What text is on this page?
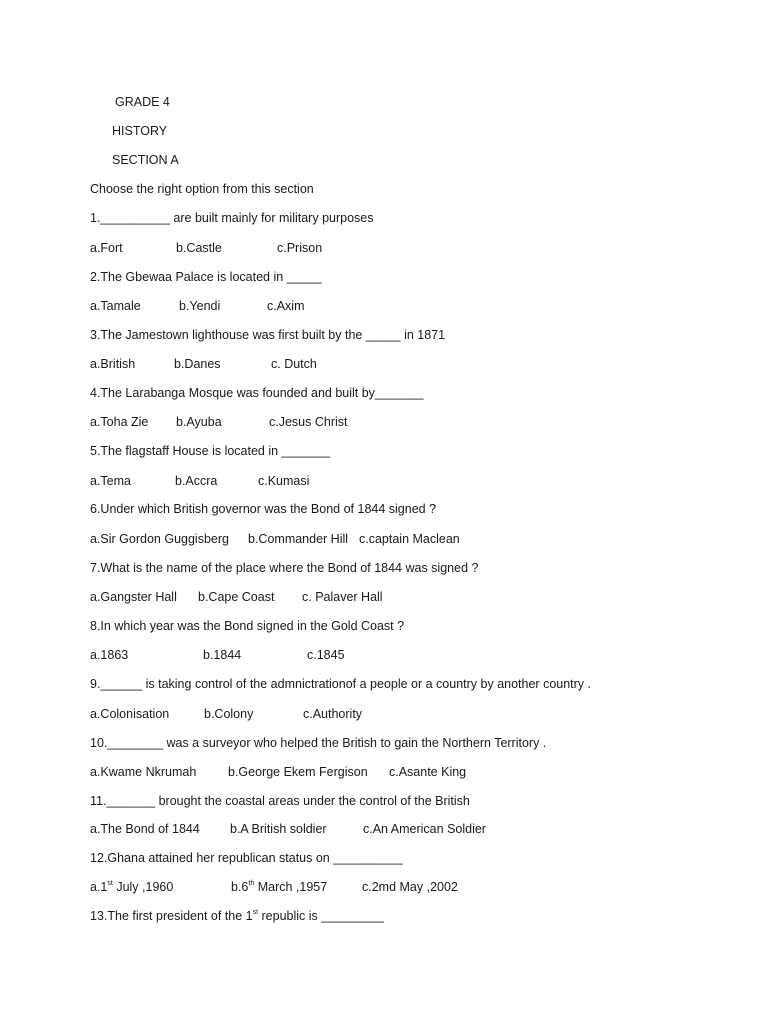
GRADE 4
HISTORY
SECTION A
Choose the right option from this section
1.__________ are built mainly for military purposes
a.Fort	b.Castle	c.Prison
2.The Gbewaa Palace is located in _____
a.Tamale	b.Yendi	c.Axim
3.The Jamestown lighthouse was first built by the _____ in 1871
a.British	b.Danes	c. Dutch
4.The Larabanga Mosque was founded and built by_______
a.Toha Zie b.Ayuba	c.Jesus Christ
5.The flagstaff House is located in _______
a.Tema	b.Accra	c.Kumasi
6.Under which British governor was the Bond of 1844 signed ?
a.Sir Gordon Guggisberg b.Commander Hill c.captain Maclean
7.What is the name of the place where the Bond of 1844 was signed ?
a.Gangster Hall b.Cape Coast c. Palaver Hall
8.In which year was the Bond signed in the Gold Coast ?
a.1863	b.1844	c.1845
9.______ is taking control of the admnictrationof a people or a country by another country .
a.Colonisation	b.Colony	c.Authority
10.________ was a surveyor who helped the British to gain the Northern Territory .
a.Kwame Nkrumah	b.George Ekem Fergison c.Asante King
11._______ brought the coastal areas under the control of the British
a.The Bond of 1844 b.A British soldier	c.An American Soldier
12.Ghana attained her republican status on __________
a.1st July ,1960	b.6th March ,1957	c.2md May ,2002
13.The first president of the 1st republic is _________
